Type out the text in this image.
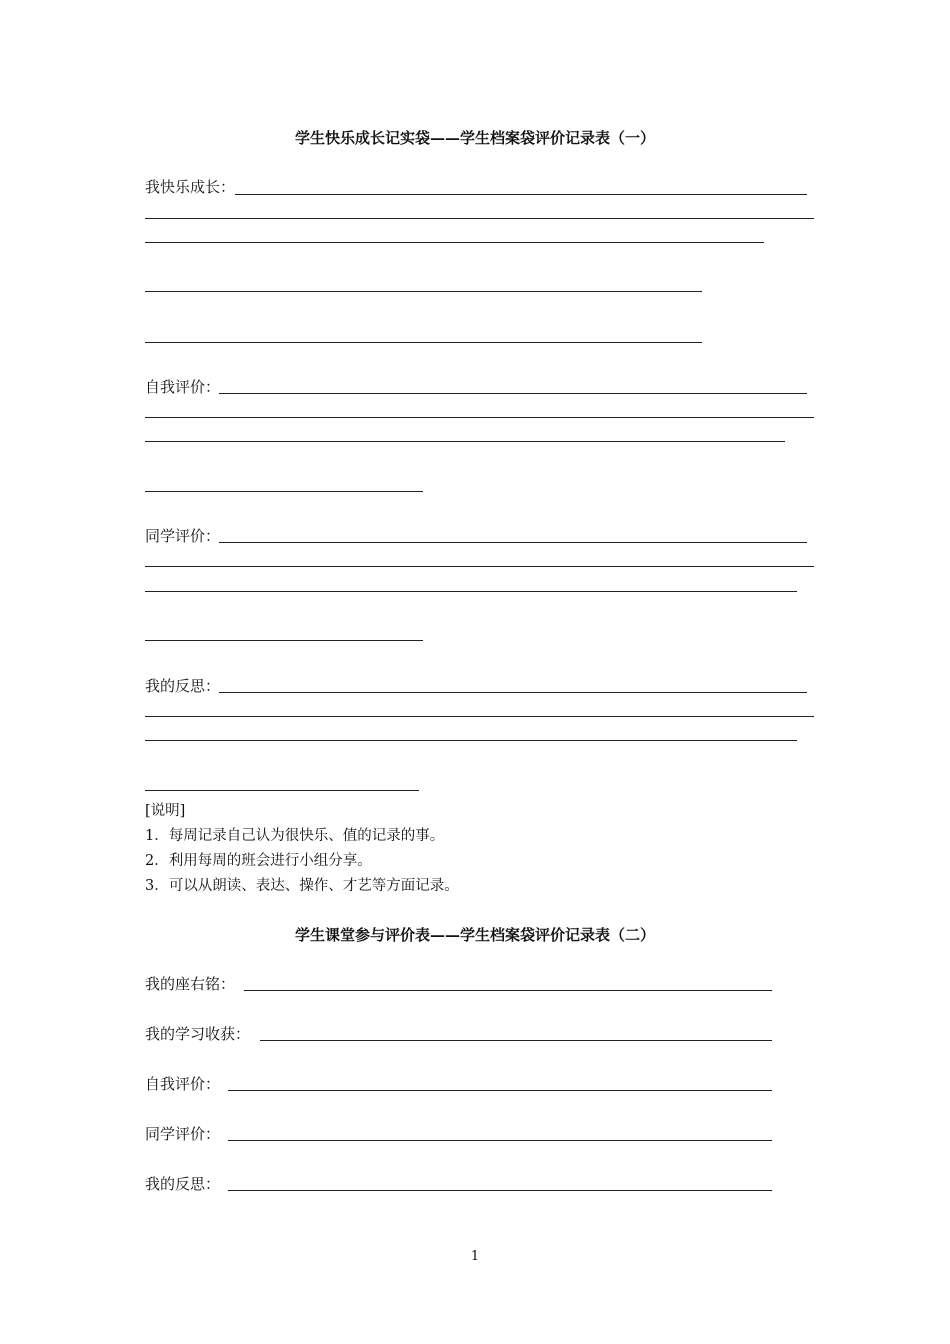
学生快乐成长记实袋——学生档案袋评价记录表（一）
我快乐成长：
自我评价：
同学评价：
我的反思：
[说明]
1．每周记录自己认为很快乐、值的记录的事。
2．利用每周的班会进行小组分享。
3．可以从朗读、表达、操作、才艺等方面记录。
学生课堂参与评价表——学生档案袋评价记录表（二）
我的座右铭：
我的学习收获：
自我评价：
同学评价：
我的反思：
1
